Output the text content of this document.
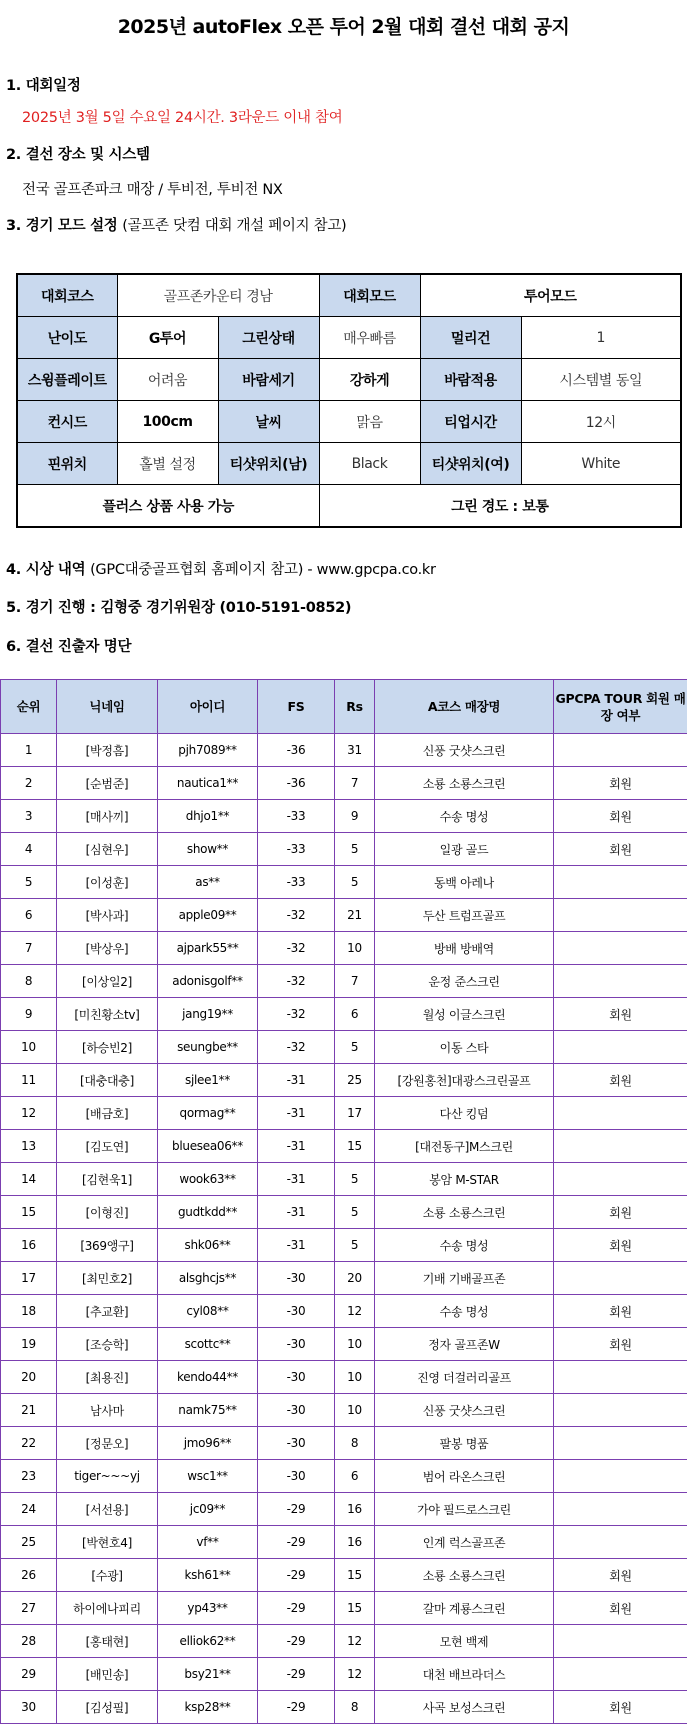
2025년 autoFlex 오픈 투어 2월 대회 결선 대회 공지
1. 대회일정
2025년 3월 5일 수요일 24시간. 3라운드 이내 참여
2. 결선 장소 및 시스템
전국 골프존파크 매장 / 투비전, 투비전 NX
3. 경기 모드 설정 (골프존 닷컴 대회 개설 페이지 참고)
대회코스	골프존카운티 경남		대회모드	투어모드	
난이도	G투어	그린상태	매우빠름	멀리건	1
스윙플레이트	어려움	바람세기	강하게	바람적용	시스템별 동일
컨시드	100cm	날씨	맑음	티업시간	12시
핀위치	홀별 설정	티샷위치(남)	Black	티샷위치(여)	White
플러스 상품 사용 가능			그린 경도 : 보통		
4. 시상 내역 (GPC대중골프협회 홈페이지 참고) - www.gpcpa.co.kr
5. 경기 진행 : 김형중 경기위원장 (010-5191-0852)
6. 결선 진출자 명단
순위	닉네임	아이디	FS	Rs	A코스 매장명	GPCPA TOUR 회원 매장 여부
1	[박정흠]	pjh7089**	-36	31	신풍 굿샷스크린	
2	[순범준]	nautica1**	-36	7	소룡 소룡스크린	회원
3	[매사끼]	dhjo1**	-33	9	수송 명성	회원
4	[심현우]	show**	-33	5	일광 골드	회원
5	[이성훈]	as**	-33	5	동백 아레나	
6	[박사과]	apple09**	-32	21	두산 트럼프골프	
7	[박상우]	ajpark55**	-32	10	방배 방배역	
8	[이상일2]	adonisgolf**	-32	7	운정 준스크린	
9	[미친황소tv]	jang19**	-32	6	월성 이글스크린	회원
10	[하승빈2]	seungbe**	-32	5	이동 스타	
11	[대충대충]	sjlee1**	-31	25	[강원홍천]대광스크린골프	회원
12	[배금호]	qormag**	-31	17	다산 킹덤	
13	[김도연]	bluesea06**	-31	15	[대전동구]M스크린	
14	[김현욱1]	wook63**	-31	5	봉암 M-STAR	
15	[이형진]	gudtkdd**	-31	5	소룡 소룡스크린	회원
16	[369앵구]	shk06**	-31	5	수송 명성	회원
17	[최민호2]	alsghcjs**	-30	20	기배 기배골프존	
18	[추교환]	cyl08**	-30	12	수송 명성	회원
19	[조승학]	scottc**	-30	10	정자 골프존W	회원
20	[최용진]	kendo44**	-30	10	진영 더걸러리골프	
21	남사마	namk75**	-30	10	신풍 굿샷스크린	
22	[정문오]	jmo96**	-30	8	팔봉 명품	
23	tiger~~~yj	wsc1**	-30	6	범어 라온스크린	
24	[서선용]	jc09**	-29	16	가야 필드로스크린	
25	[박현호4]	vf**	-29	16	인계 럭스골프존	
26	[수광]	ksh61**	-29	15	소룡 소룡스크린	회원
27	하이에나피리	yp43**	-29	15	갈마 계룡스크린	회원
28	[홍태현]	elliok62**	-29	12	모현 백제	
29	[배민송]	bsy21**	-29	12	대천 배브라더스	
30	[김성필]	ksp28**	-29	8	사곡 보성스크린	회원
